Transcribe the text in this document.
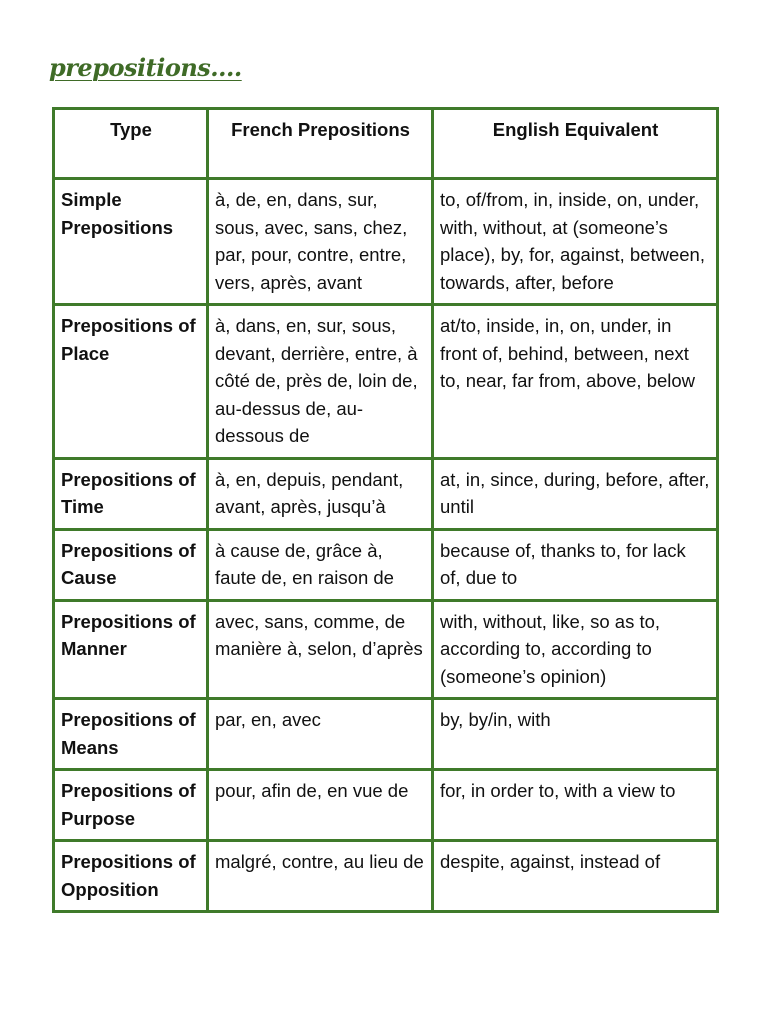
prepositions....
Type	French Prepositions	English Equivalent
Simple Prepositions	à, de, en, dans, sur, sous, avec, sans, chez, par, pour, contre, entre, vers, après, avant	to, of/from, in, inside, on, under, with, without, at (someone’s place), by, for, against, between, towards, after, before
Prepositions of Place	à, dans, en, sur, sous, devant, derrière, entre, à côté de, près de, loin de, au-dessus de, au-dessous de	at/to, inside, in, on, under, in front of, behind, between, next to, near, far from, above, below
Prepositions of Time	à, en, depuis, pendant, avant, après, jusqu’à	at, in, since, during, before, after, until
Prepositions of Cause	à cause de, grâce à, faute de, en raison de	because of, thanks to, for lack of, due to
Prepositions of Manner	avec, sans, comme, de manière à, selon, d’après	with, without, like, so as to, according to, according to (someone’s opinion)
Prepositions of Means	par, en, avec	by, by/in, with
Prepositions of Purpose	pour, afin de, en vue de	for, in order to, with a view to
Prepositions of Opposition	malgré, contre, au lieu de	despite, against, instead of
